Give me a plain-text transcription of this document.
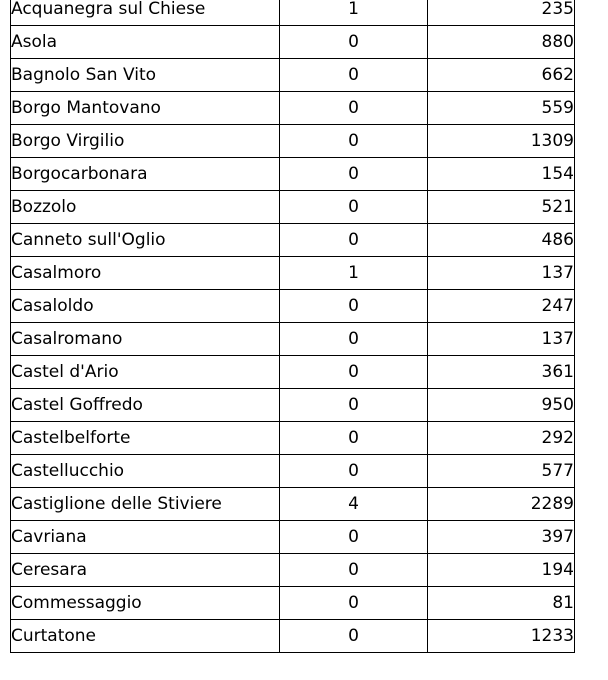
Acquanegra sul Chiese	1	235
Asola	0	880
Bagnolo San Vito	0	662
Borgo Mantovano	0	559
Borgo Virgilio	0	1309
Borgocarbonara	0	154
Bozzolo	0	521
Canneto sull'Oglio	0	486
Casalmoro	1	137
Casaloldo	0	247
Casalromano	0	137
Castel d'Ario	0	361
Castel Goffredo	0	950
Castelbelforte	0	292
Castellucchio	0	577
Castiglione delle Stiviere	4	2289
Cavriana	0	397
Ceresara	0	194
Commessaggio	0	81
Curtatone	0	1233
